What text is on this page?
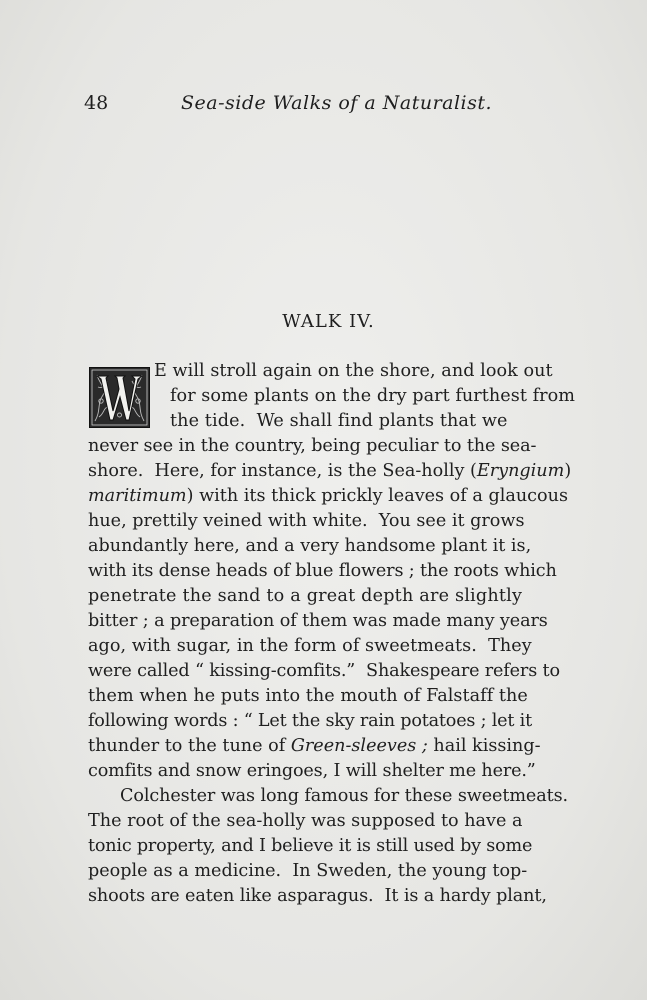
48	Sea-side Walks of a Naturalist.
WALK IV.
E will stroll again on the shore, and look out
for some plants on the dry part furthest from
the tide.  We shall find plants that we
never see in the country, being peculiar to the sea-
shore.  Here, for instance, is the Sea-holly (Eryngium)
maritimum) with its thick prickly leaves of a glaucous
hue, prettily veined with white.  You see it grows
abundantly here, and a very handsome plant it is,
with its dense heads of blue flowers ; the roots which
penetrate the sand to a great depth are slightly
bitter ; a preparation of them was made many years
ago, with sugar, in the form of sweetmeats.  They
were called “ kissing-comfits.”  Shakespeare refers to
them when he puts into the mouth of Falstaff the
following words : “ Let the sky rain potatoes ; let it
thunder to the tune of Green-sleeves ; hail kissing-
comfits and snow eringoes, I will shelter me here.”
Colchester was long famous for these sweetmeats.
The root of the sea-holly was supposed to have a
tonic property, and I believe it is still used by some
people as a medicine.  In Sweden, the young top-
shoots are eaten like asparagus.  It is a hardy plant,
